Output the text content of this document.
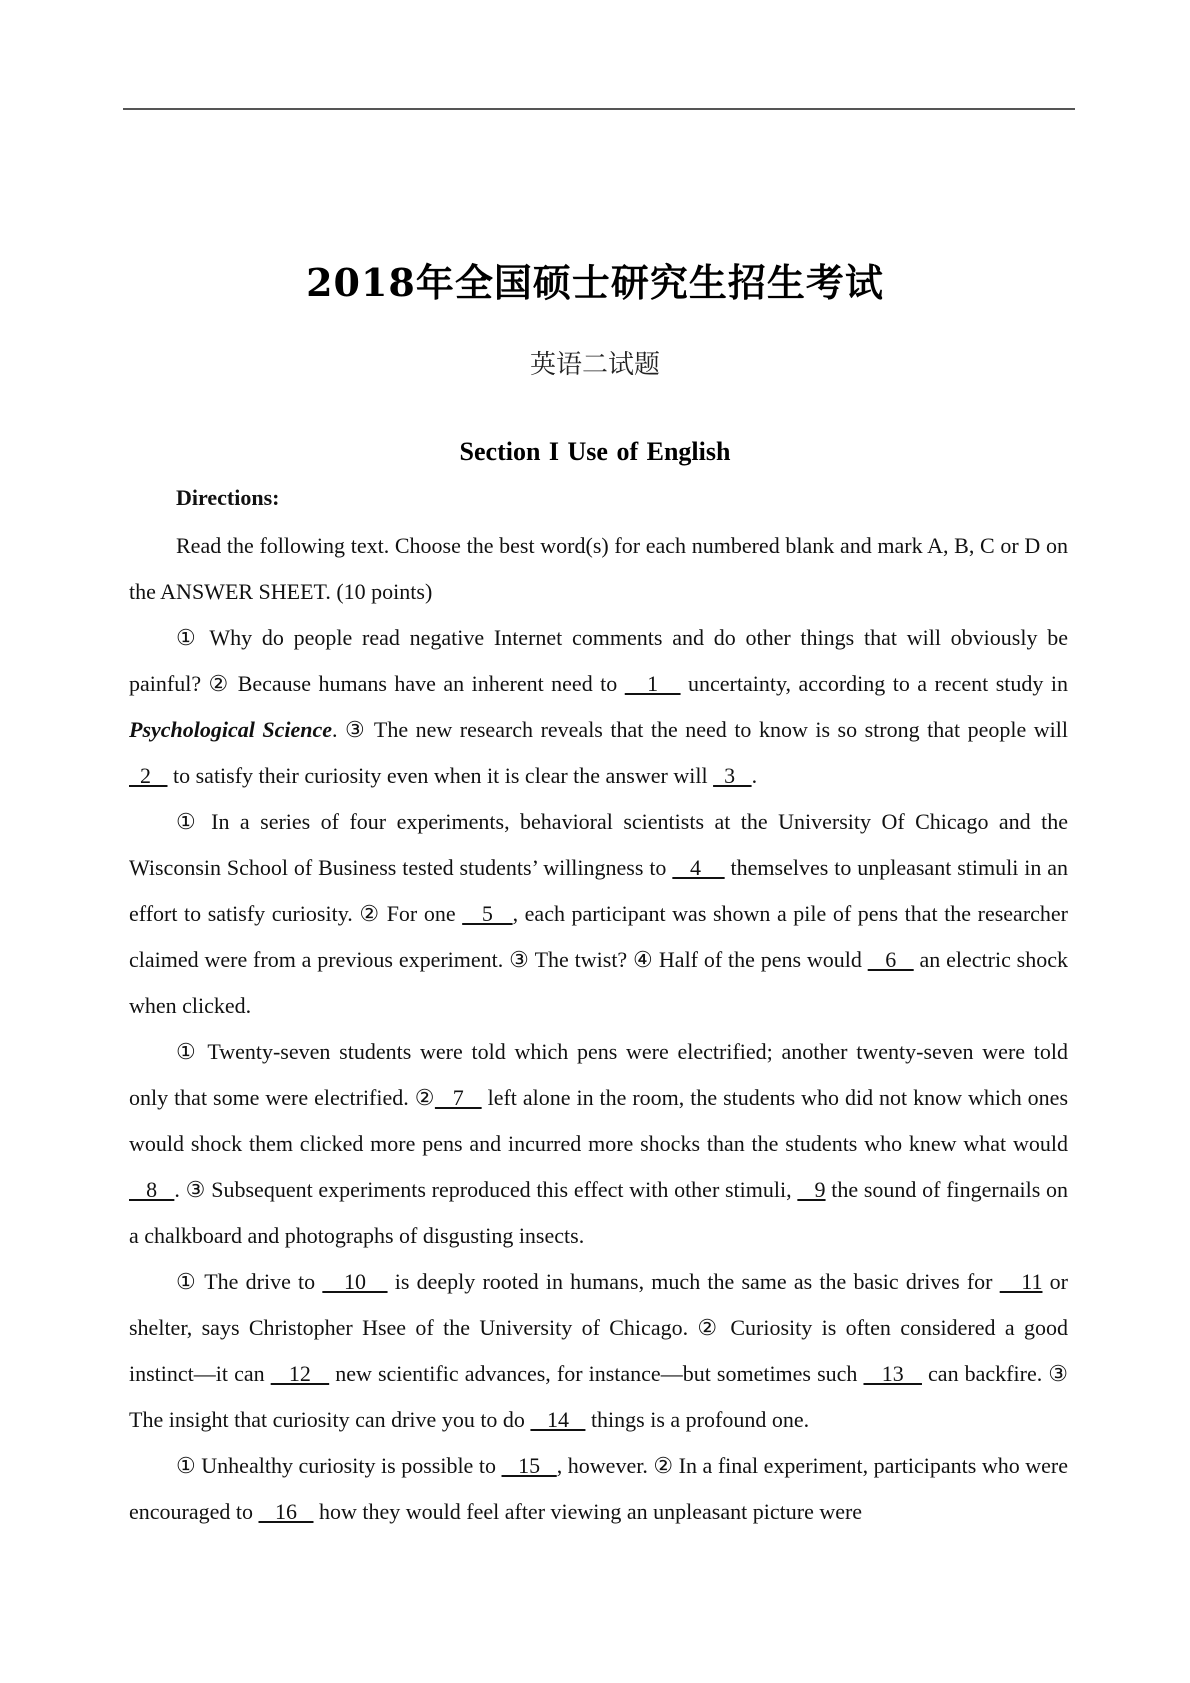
2018年全国硕士研究生招生考试
英语二试题
Section I Use of English
Directions:

Read the following text. Choose the best word(s) for each numbered blank and mark A, B, C or D on the ANSWER SHEET. (10 points)

① Why do people read negative Internet comments and do other things that will obviously be painful? ② Because humans have an inherent need to    1    uncertainty, according to a recent study in Psychological Science. ③ The new research reveals that the need to know is so strong that people will   2    to satisfy their curiosity even when it is clear the answer will   3   .

① In a series of four experiments, behavioral scientists at the University Of Chicago and the Wisconsin School of Business tested students’ willingness to    4     themselves to unpleasant stimuli in an effort to satisfy curiosity. ② For one    5   , each participant was shown a pile of pens that the researcher claimed were from a previous experiment. ③ The twist? ④ Half of the pens would    6    an electric shock when clicked.

① Twenty-seven students were told which pens were electrified; another twenty-seven were told only that some were electrified. ②   7    left alone in the room, the students who did not know which ones would shock them clicked more pens and incurred more shocks than the students who knew what would    8   . ③ Subsequent experiments reproduced this effect with other stimuli,    9 the sound of fingernails on a chalkboard and photographs of disgusting insects.

① The drive to    10    is deeply rooted in humans, much the same as the basic drives for    11 or shelter, says Christopher Hsee of the University of Chicago. ② Curiosity is often considered a good instinct—it can    12    new scientific advances, for instance—but sometimes such    13    can backfire. ③ The insight that curiosity can drive you to do    14    things is a profound one.

① Unhealthy curiosity is possible to    15   , however. ② In a final experiment, participants who were encouraged to    16    how they would feel after viewing an unpleasant picture were
